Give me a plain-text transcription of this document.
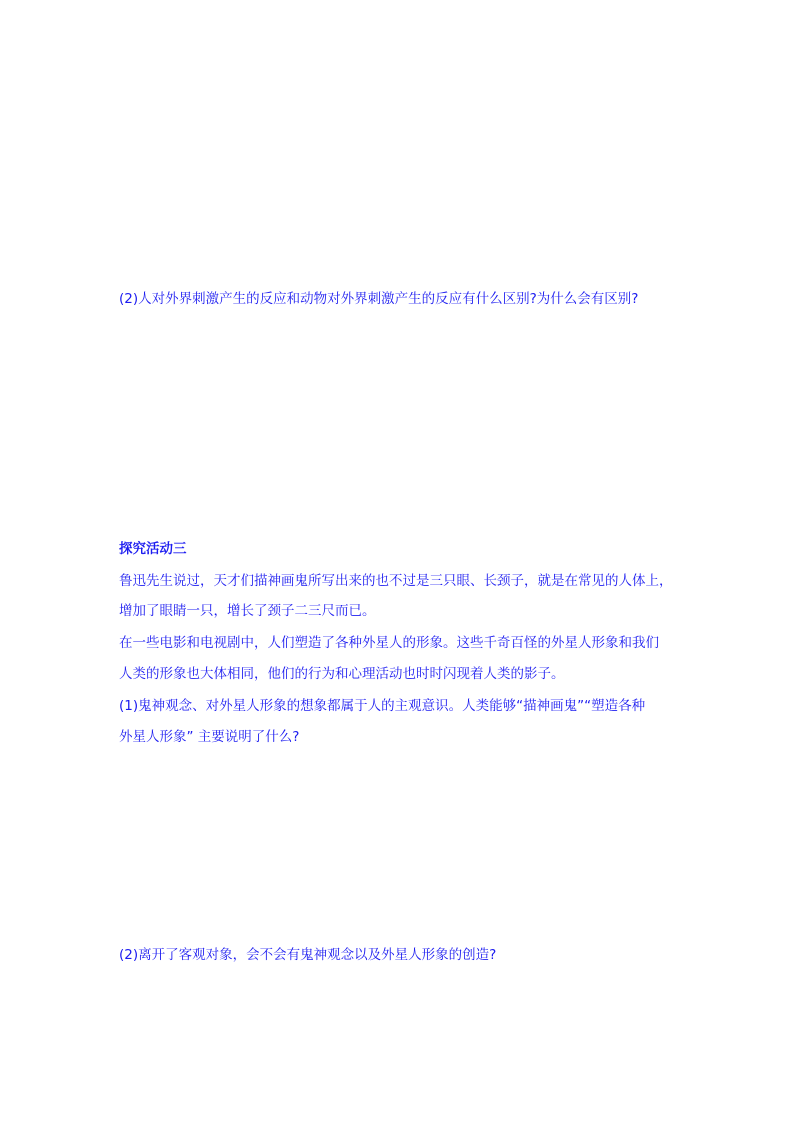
(2)人对外界刺激产生的反应和动物对外界刺激产生的反应有什么区别?为什么会有区别?
探究活动三
鲁迅先生说过，天才们描神画鬼所写出来的也不过是三只眼、长颈子，就是在常见的人体上，
增加了眼睛一只，增长了颈子二三尺而已。
在一些电影和电视剧中，人们塑造了各种外星人的形象。这些千奇百怪的外星人形象和我们
人类的形象也大体相同，他们的行为和心理活动也时时闪现着人类的影子。
(1)鬼神观念、对外星人形象的想象都属于人的主观意识。人类能够“描神画鬼”“塑造各种
外星人形象” 主要说明了什么?
(2)离开了客观对象，会不会有鬼神观念以及外星人形象的创造?
